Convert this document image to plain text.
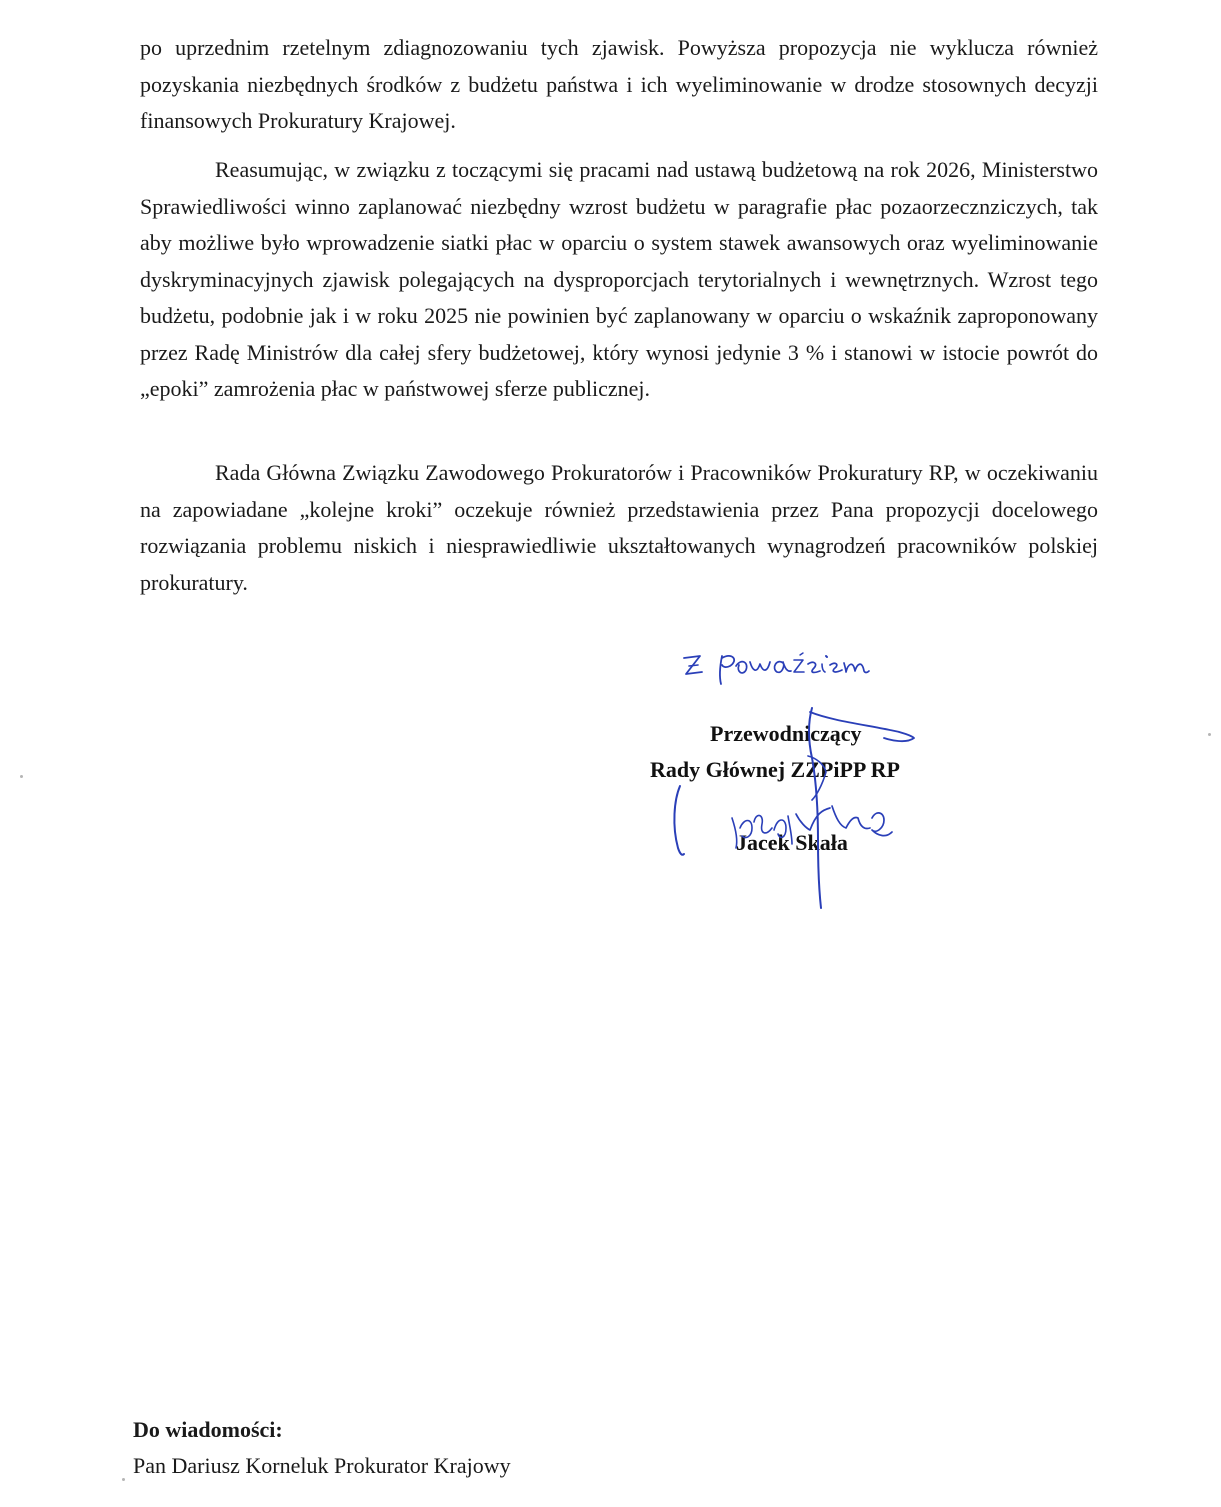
po uprzednim rzetelnym zdiagnozowaniu tych zjawisk. Powyższa propozycja nie wyklucza również pozyskania niezbędnych środków z budżetu państwa i ich wyeliminowanie w drodze stosownych decyzji finansowych Prokuratury Krajowej.

Reasumując, w związku z toczącymi się pracami nad ustawą budżetową na rok 2026, Ministerstwo Sprawiedliwości winno zaplanować niezbędny wzrost budżetu w paragrafie płac pozaorzecznziczych, tak aby możliwe było wprowadzenie siatki płac w oparciu o system stawek awansowych oraz wyeliminowanie dyskryminacyjnych zjawisk polegających na dysproporcjach terytorialnych i wewnętrznych. Wzrost tego budżetu, podobnie jak i w roku 2025 nie powinien być zaplanowany w oparciu o wskaźnik zaproponowany przez Radę Ministrów dla całej sfery budżetowej, który wynosi jedynie 3 % i stanowi w istocie powrót do „epoki” zamrożenia płac w państwowej sferze publicznej.

Rada Główna Związku Zawodowego Prokuratorów i Pracowników Prokuratury RP, w oczekiwaniu na zapowiadane „kolejne kroki” oczekuje również przedstawienia przez Pana propozycji docelowego rozwiązania problemu niskich i niesprawiedliwie ukształtowanych wynagrodzeń pracowników polskiej prokuratury.

Przewodniczący
Rady Głównej ZZPiPP RP
Jacek Skała
Do wiadomości:
Pan Dariusz Korneluk Prokurator Krajowy
